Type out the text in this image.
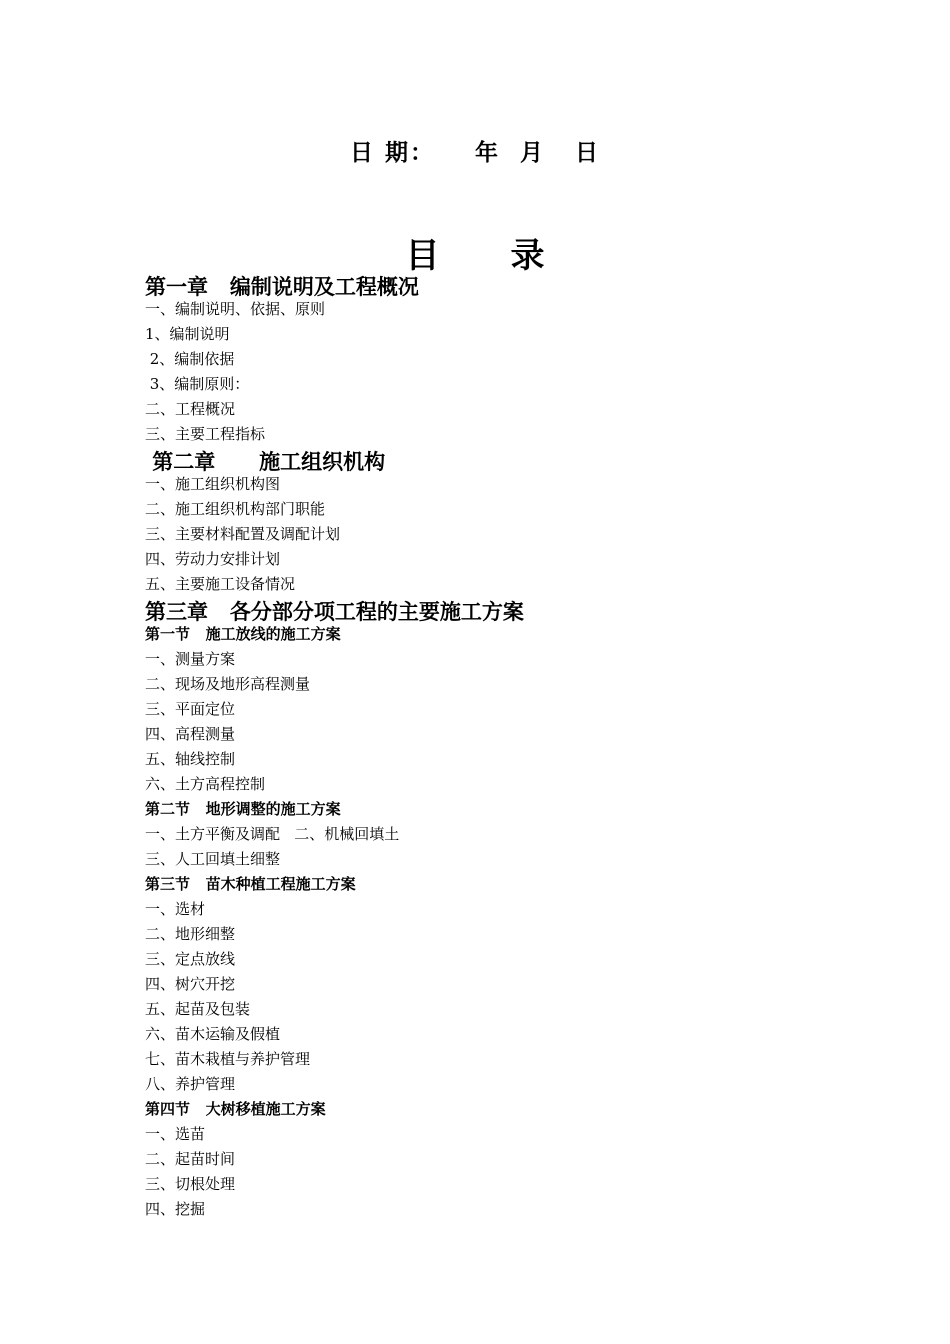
日 期：    年  月   日
目      录
第一章   编制说明及工程概况
一、编制说明、依据、原则
1、编制说明
2、编制依据
3、编制原则：
二、工程概况
三、主要工程指标
第二章      施工组织机构
一、施工组织机构图
二、施工组织机构部门职能
三、主要材料配置及调配计划
四、劳动力安排计划
五、主要施工设备情况
第三章   各分部分项工程的主要施工方案
第一节   施工放线的施工方案
一、测量方案
二、现场及地形高程测量
三、平面定位
四、高程测量
五、轴线控制
六、土方高程控制
第二节   地形调整的施工方案
一、土方平衡及调配   二、机械回填土
三、人工回填土细整
第三节   苗木种植工程施工方案
一、选材
二、地形细整
三、定点放线
四、树穴开挖
五、起苗及包装
六、苗木运输及假植
七、苗木栽植与养护管理
八、养护管理
第四节   大树移植施工方案
一、选苗
二、起苗时间
三、切根处理
四、挖掘
